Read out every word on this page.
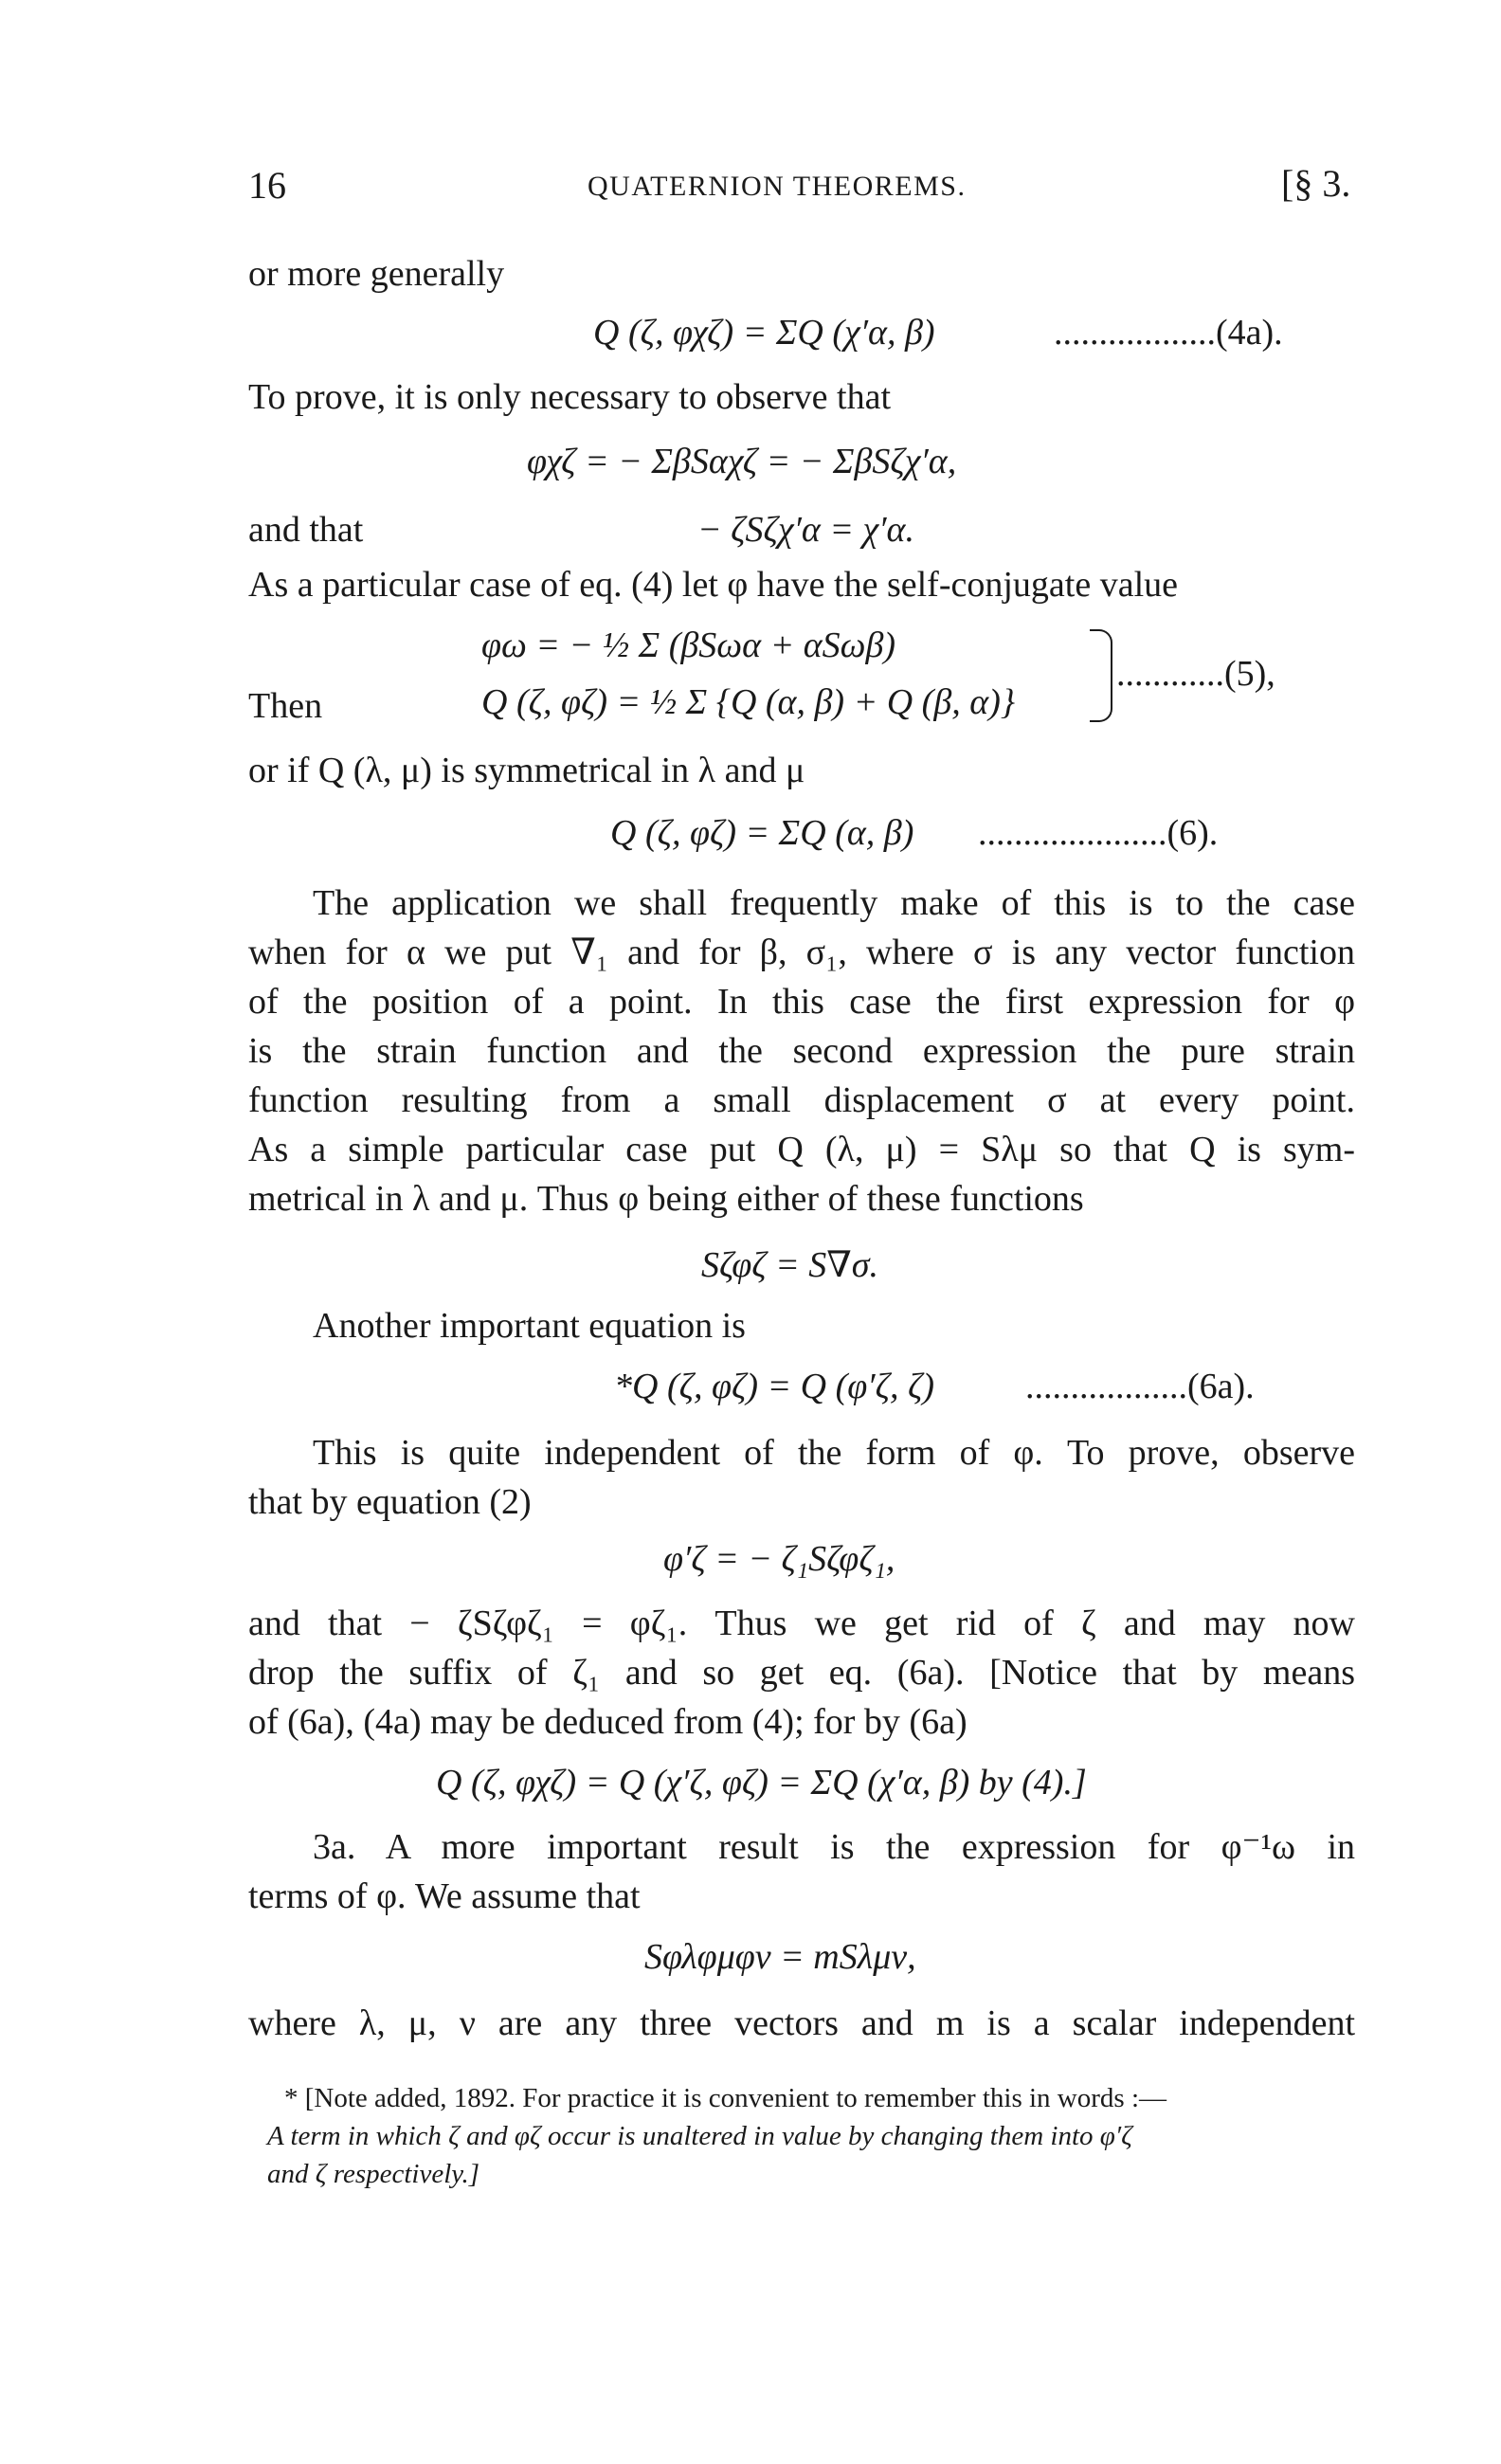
16	QUATERNION THEOREMS.	[§ 3.
or more generally
Q (ζ, φχζ) = ΣQ (χ′α, β)	..................(4a).
To prove, it is only necessary to observe that
φχζ = − ΣβSαχζ = − ΣβSζχ′α,
and that	− ζSζχ′α = χ′α.
As a particular case of eq. (4) let φ have the self-conjugate value
φω = − ½ Σ (βSωα + αSωβ)
Then	Q (ζ, φζ) = ½ Σ {Q (α, β) + Q (β, α)}
............(5),
or if Q (λ, μ) is symmetrical in λ and μ
Q (ζ, φζ) = ΣQ (α, β) .....................(6).
The application we shall frequently make of this is to the case
when for α we put ∇₁ and for β, σ₁, where σ is any vector function
of the position of a point. In this case the first expression for φ
is the strain function and the second expression the pure strain
function resulting from a small displacement σ at every point.
As a simple particular case put Q (λ, μ) = Sλμ so that Q is sym-
metrical in λ and μ. Thus φ being either of these functions
Sζφζ = S∇σ.
Another important equation is
*Q (ζ, φζ) = Q (φ′ζ, ζ)	..................(6a).
This is quite independent of the form of φ. To prove, observe
that by equation (2)
φ′ζ = − ζ₁Sζφζ₁,
and that − ζSζφζ₁ = φζ₁. Thus we get rid of ζ and may now
drop the suffix of ζ₁ and so get eq. (6a). [Notice that by means
of (6a), (4a) may be deduced from (4); for by (6a)
Q (ζ, φχζ) = Q (χ′ζ, φζ) = ΣQ (χ′α, β) by (4).]
3a. A more important result is the expression for φ⁻¹ω in
terms of φ. We assume that
Sφλφμφν = mSλμν,
where λ, μ, ν are any three vectors and m is a scalar independent
* [Note added, 1892. For practice it is convenient to remember this in words :—
A term in which ζ and φζ occur is unaltered in value by changing them into φ′ζ
and ζ respectively.]
